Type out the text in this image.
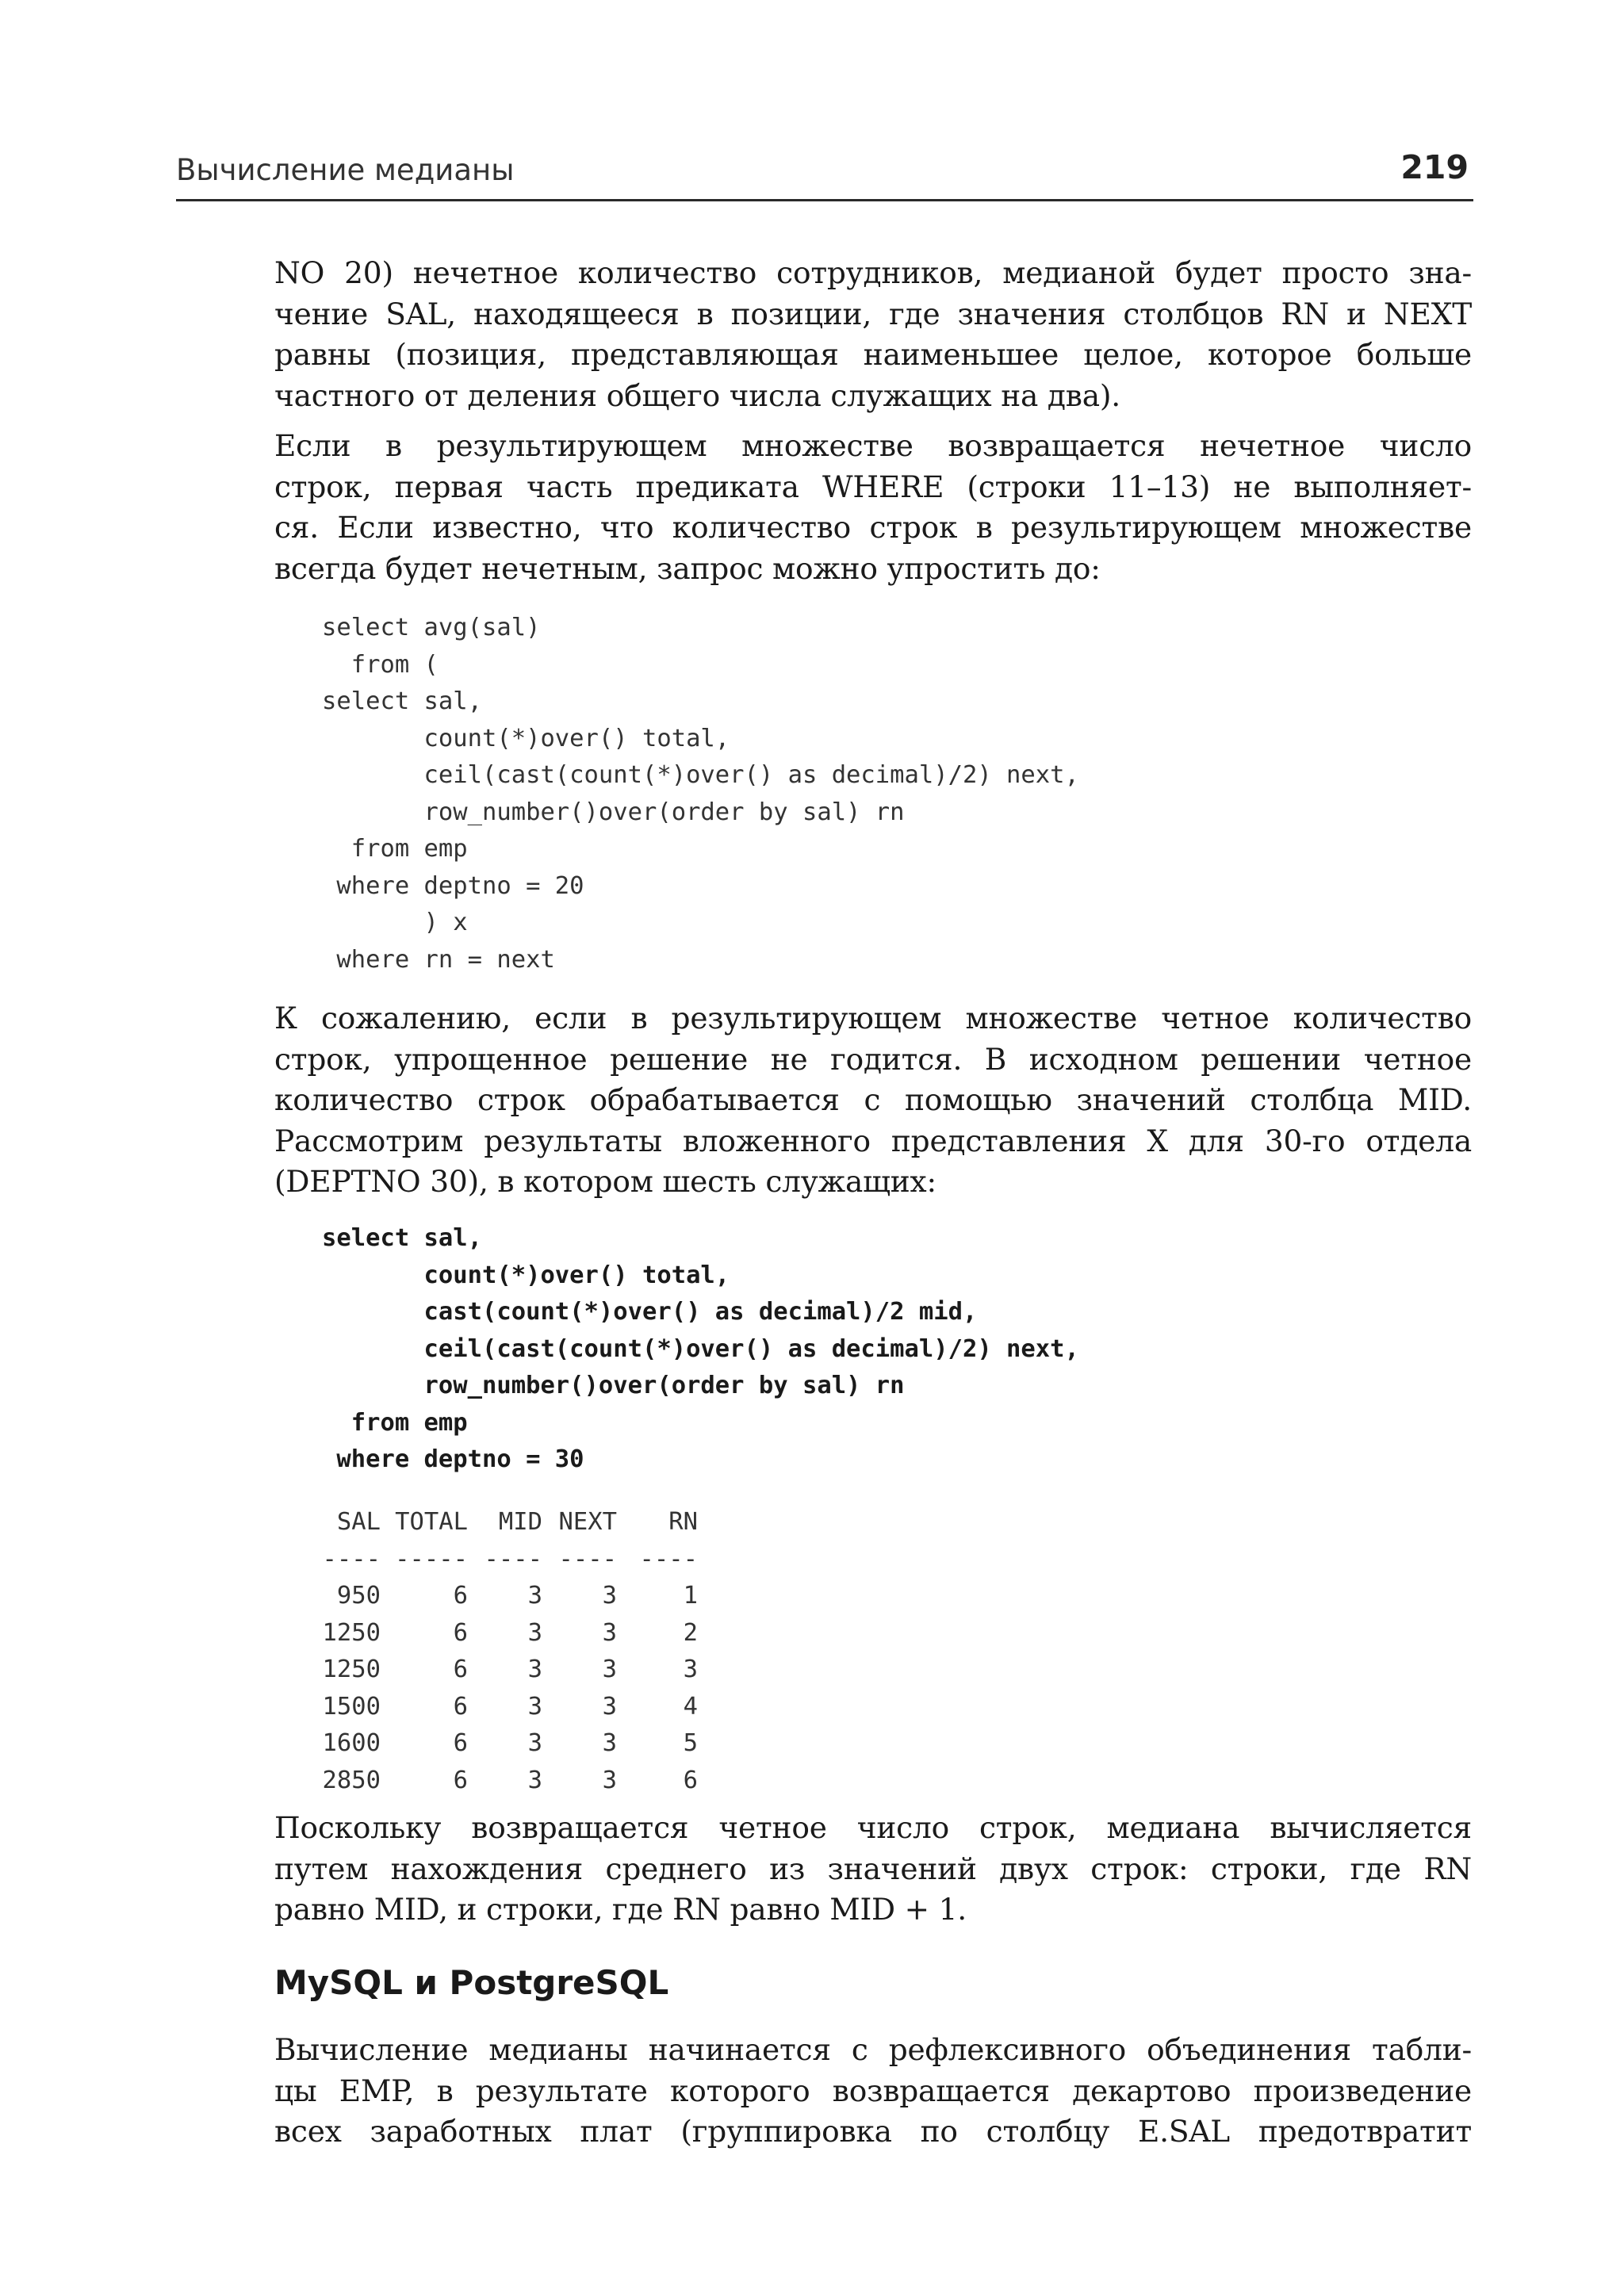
Вычисление медианы	219

NO 20) нечетное количество сотрудников, медианой будет просто зна-
чение SAL, находящееся в позиции, где значения столбцов RN и NEXT
равны (позиция, представляющая наименьшее целое, которое больше
частного от деления общего числа служащих на два).

Если в результирующем множестве возвращается нечетное число
строк, первая часть предиката WHERE (строки 11–13) не выполняет-
ся. Если известно, что количество строк в результирующем множестве
всегда будет нечетным, запрос можно упростить до:

select avg(sal)
from (
select sal,
count(*)over() total,
ceil(cast(count(*)over() as decimal)/2) next,
row_number()over(order by sal) rn
from emp
where deptno = 20
) x
where rn = next

К сожалению, если в результирующем множестве четное количество
строк, упрощенное решение не годится. В исходном решении четное
количество строк обрабатывается с помощью значений столбца MID.
Рассмотрим результаты вложенного представления X для 30-го отдела
(DEPTNO 30), в котором шесть служащих:

select sal,
count(*)over() total,
cast(count(*)over() as decimal)/2 mid,
ceil(cast(count(*)over() as decimal)/2) next,
row_number()over(order by sal) rn
from emp
where deptno = 30
SAL	TOTAL	MID	NEXT	RN
----	-----	----	----	----
950	6	3	3	1
1250	6	3	3	2
1250	6	3	3	3
1500	6	3	3	4
1600	6	3	3	5
2850	6	3	3	6

Поскольку возвращается четное число строк, медиана вычисляется
путем нахождения среднего из значений двух строк: строки, где RN
равно MID, и строки, где RN равно MID + 1.

MySQL и PostgreSQL

Вычисление медианы начинается с рефлексивного объединения табли-
цы EMP, в результате которого возвращается декартово произведение
всех заработных плат (группировка по столбцу E.SAL предотвратит
